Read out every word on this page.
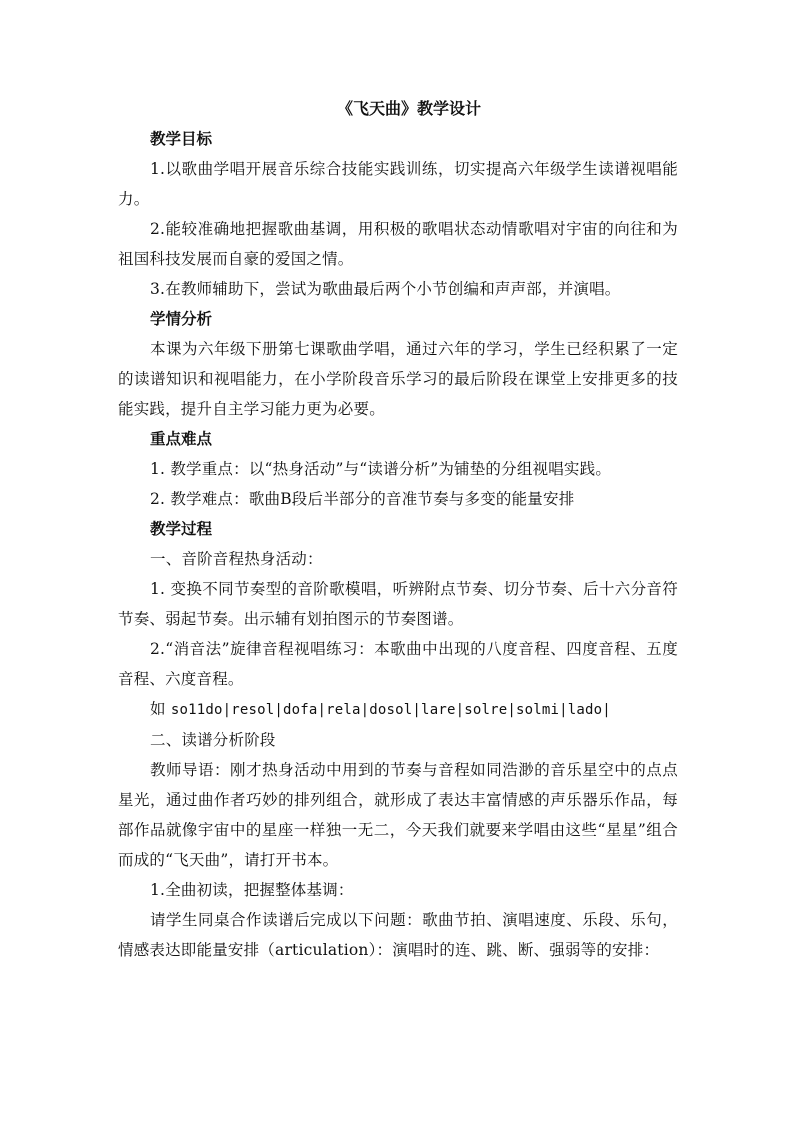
《飞天曲》教学设计

教学目标

1.以歌曲学唱开展音乐综合技能实践训练，切实提高六年级学生读谱视唱能力。

2.能较准确地把握歌曲基调，用积极的歌唱状态动情歌唱对宇宙的向往和为祖国科技发展而自豪的爱国之情。

3.在教师辅助下，尝试为歌曲最后两个小节创编和声声部，并演唱。

学情分析

本课为六年级下册第七课歌曲学唱，通过六年的学习，学生已经积累了一定的读谱知识和视唱能力，在小学阶段音乐学习的最后阶段在课堂上安排更多的技能实践，提升自主学习能力更为必要。

重点难点

1. 教学重点：以“热身活动”与“读谱分析”为铺垫的分组视唱实践。

2. 教学难点：歌曲B段后半部分的音准节奏与多变的能量安排

教学过程

一、音阶音程热身活动：

1. 变换不同节奏型的音阶歌模唱，听辨附点节奏、切分节奏、后十六分音符节奏、弱起节奏。出示辅有划拍图示的节奏图谱。

2.“消音法”旋律音程视唱练习：本歌曲中出现的八度音程、四度音程、五度音程、六度音程。

如 so11do|resol|dofa|rela|dosol|lare|solre|solmi|lado|

二、读谱分析阶段

教师导语：刚才热身活动中用到的节奏与音程如同浩渺的音乐星空中的点点星光，通过曲作者巧妙的排列组合，就形成了表达丰富情感的声乐器乐作品，每部作品就像宇宙中的星座一样独一无二，今天我们就要来学唱由这些“星星”组合而成的“飞天曲”，请打开书本。

1.全曲初读，把握整体基调：

请学生同桌合作读谱后完成以下问题：歌曲节拍、演唱速度、乐段、乐句，情感表达即能量安排（articulation）：演唱时的连、跳、断、强弱等的安排：
